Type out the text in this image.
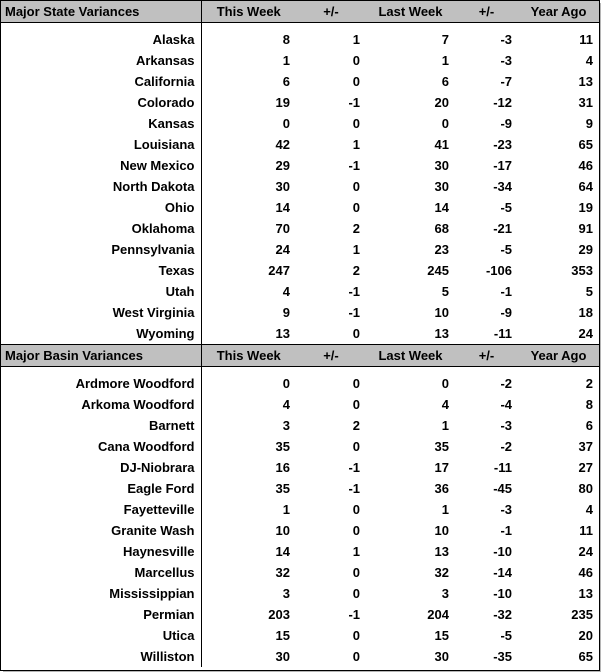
Major State Variances	This Week	+/-	Last Week	+/-	Year Ago

Alaska	8	1	7	-3	11
Arkansas	1	0	1	-3	4
California	6	0	6	-7	13
Colorado	19	-1	20	-12	31
Kansas	0	0	0	-9	9
Louisiana	42	1	41	-23	65
New Mexico	29	-1	30	-17	46
North Dakota	30	0	30	-34	64
Ohio	14	0	14	-5	19
Oklahoma	70	2	68	-21	91
Pennsylvania	24	1	23	-5	29
Texas	247	2	245	-106	353
Utah	4	-1	5	-1	5
West Virginia	9	-1	10	-9	18
Wyoming	13	0	13	-11	24
Major Basin Variances	This Week	+/-	Last Week	+/-	Year Ago

Ardmore Woodford	0	0	0	-2	2
Arkoma Woodford	4	0	4	-4	8
Barnett	3	2	1	-3	6
Cana Woodford	35	0	35	-2	37
DJ-Niobrara	16	-1	17	-11	27
Eagle Ford	35	-1	36	-45	80
Fayetteville	1	0	1	-3	4
Granite Wash	10	0	10	-1	11
Haynesville	14	1	13	-10	24
Marcellus	32	0	32	-14	46
Mississippian	3	0	3	-10	13
Permian	203	-1	204	-32	235
Utica	15	0	15	-5	20
Williston	30	0	30	-35	65
